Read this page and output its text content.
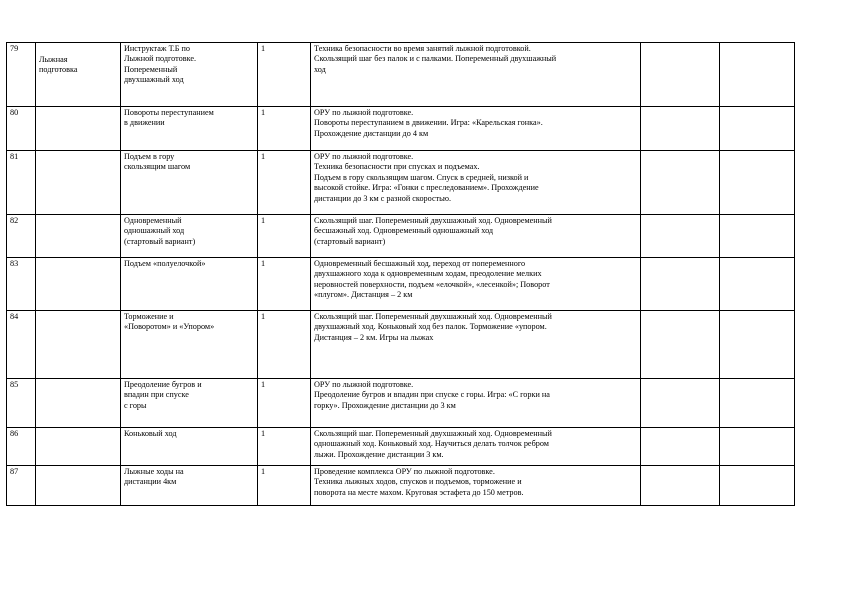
79	Лыжная
подготовка	Инструктаж Т.Б по
Лыжной подготовке.
Попеременный
двухшажный ход	1	Техника безопасности во время занятий лыжной подготовкой.
Скользящий шаг без палок и с палками. Попеременный двухшажный
ход		
80		Повороты переступанием
в движении	1	ОРУ по лыжной подготовке.
Повороты переступанием в движении. Игра: «Карельская гонка».
Прохождение дистанции до 4 км		
81		Подъем в гору
скользящим шагом	1	ОРУ по лыжной подготовке.
Техника безопасности при спусках и подъемах.
Подъем в гору скользящим шагом. Спуск в средней, низкой и
высокой стойке. Игра: «Гонки с преследованием». Прохождение
дистанции до 3 км с разной скоростью.		
82		Одновременный
одношажный ход
(стартовый вариант)	1	Скользящий шаг. Попеременный двухшажный ход. Одновременный
бесшажный ход. Одновременный одношажный ход
(стартовый вариант)		
83		Подъем «полуелочкой»	1	Одновременный бесшажный ход, переход от попеременного
двухшажного хода к одновременным ходам, преодоление мелких
неровностей поверхности, подъем «елочкой», «лесенкой»; Поворот
«плугом». Дистанция – 2 км		
84		Торможение и
«Поворотом» и «Упором»	1	Скользящий шаг. Попеременный двухшажный ход. Одновременный
двухшажный ход. Коньковый ход без палок. Торможение «упором.
Дистанция – 2 км. Игры на лыжах		
85		Преодоление бугров и
впадин при спуске
с горы	1	ОРУ по лыжной подготовке.
Преодоление бугров и впадин при спуске с горы. Игра: «С горки на
горку». Прохождение дистанции до 3 км		
86		Коньковый ход	1	Скользящий шаг. Попеременный двухшажный ход. Одновременный
одношажный ход. Коньковый ход. Научиться делать толчок ребром
лыжи. Прохождение дистанции 3 км.		
87		Лыжные ходы на
дистанции 4км	1	Проведение комплекса ОРУ по лыжной подготовке.
Техника лыжных ходов, спусков и подъемов, торможение и
поворота на месте махом. Круговая эстафета до 150 метров.		
